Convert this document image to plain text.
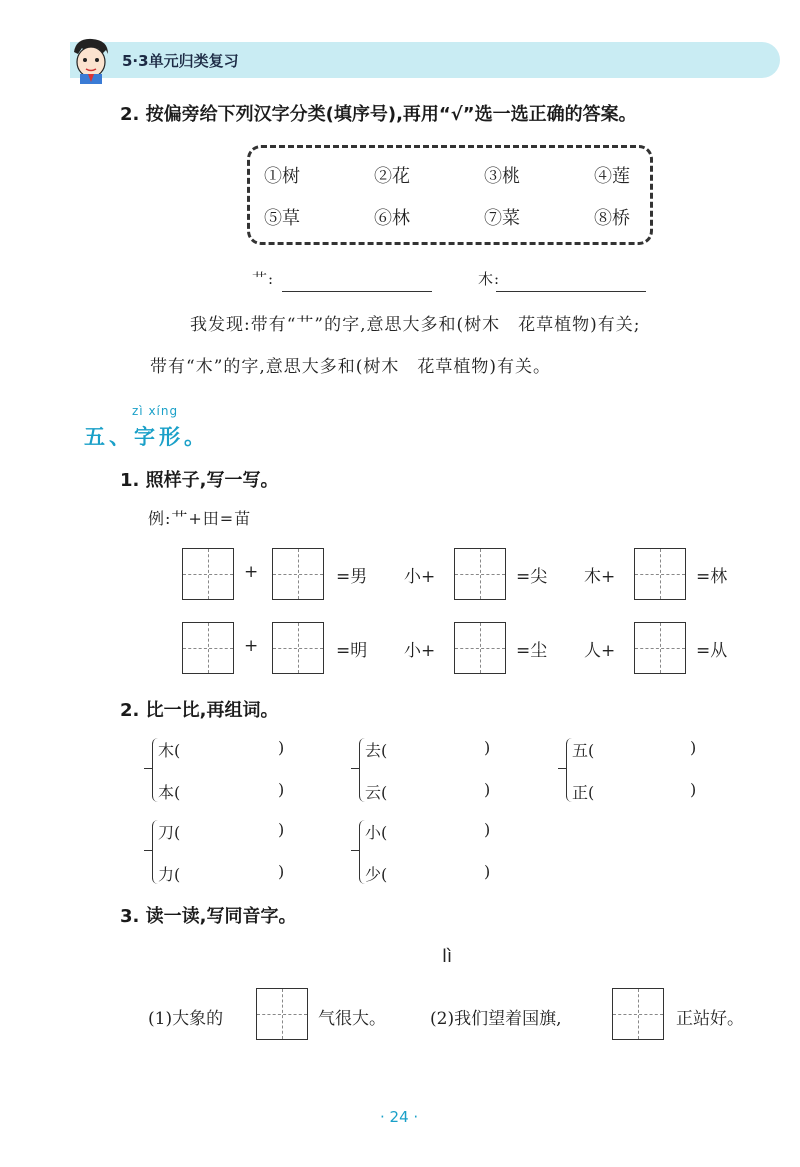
5·3单元归类复习
2. 按偏旁给下列汉字分类(填序号),再用“√”选一选正确的答案。
①树	②花	③桃	④莲
⑤草	⑥林	⑦菜	⑧桥
艹:	木:
我发现:带有“艹”的字,意思大多和(树木　花草植物)有关;
带有“木”的字,意思大多和(树木　花草植物)有关。
zì xíng
五、字形。
1. 照样子,写一写。
例:艹+田=苗
+	=男 小+	=尖 木+	=林
+	=明 小+	=尘 人+	=从
2. 比一比,再组词。
木(	)
本(	)
去(	)
云(	)
五(	)
正(	)
刀(	)
力(	)
小(	)
少(	)
3. 读一读,写同音字。
lì
(1)大象的	气很大。	(2)我们望着国旗,	正站好。
· 24 ·
